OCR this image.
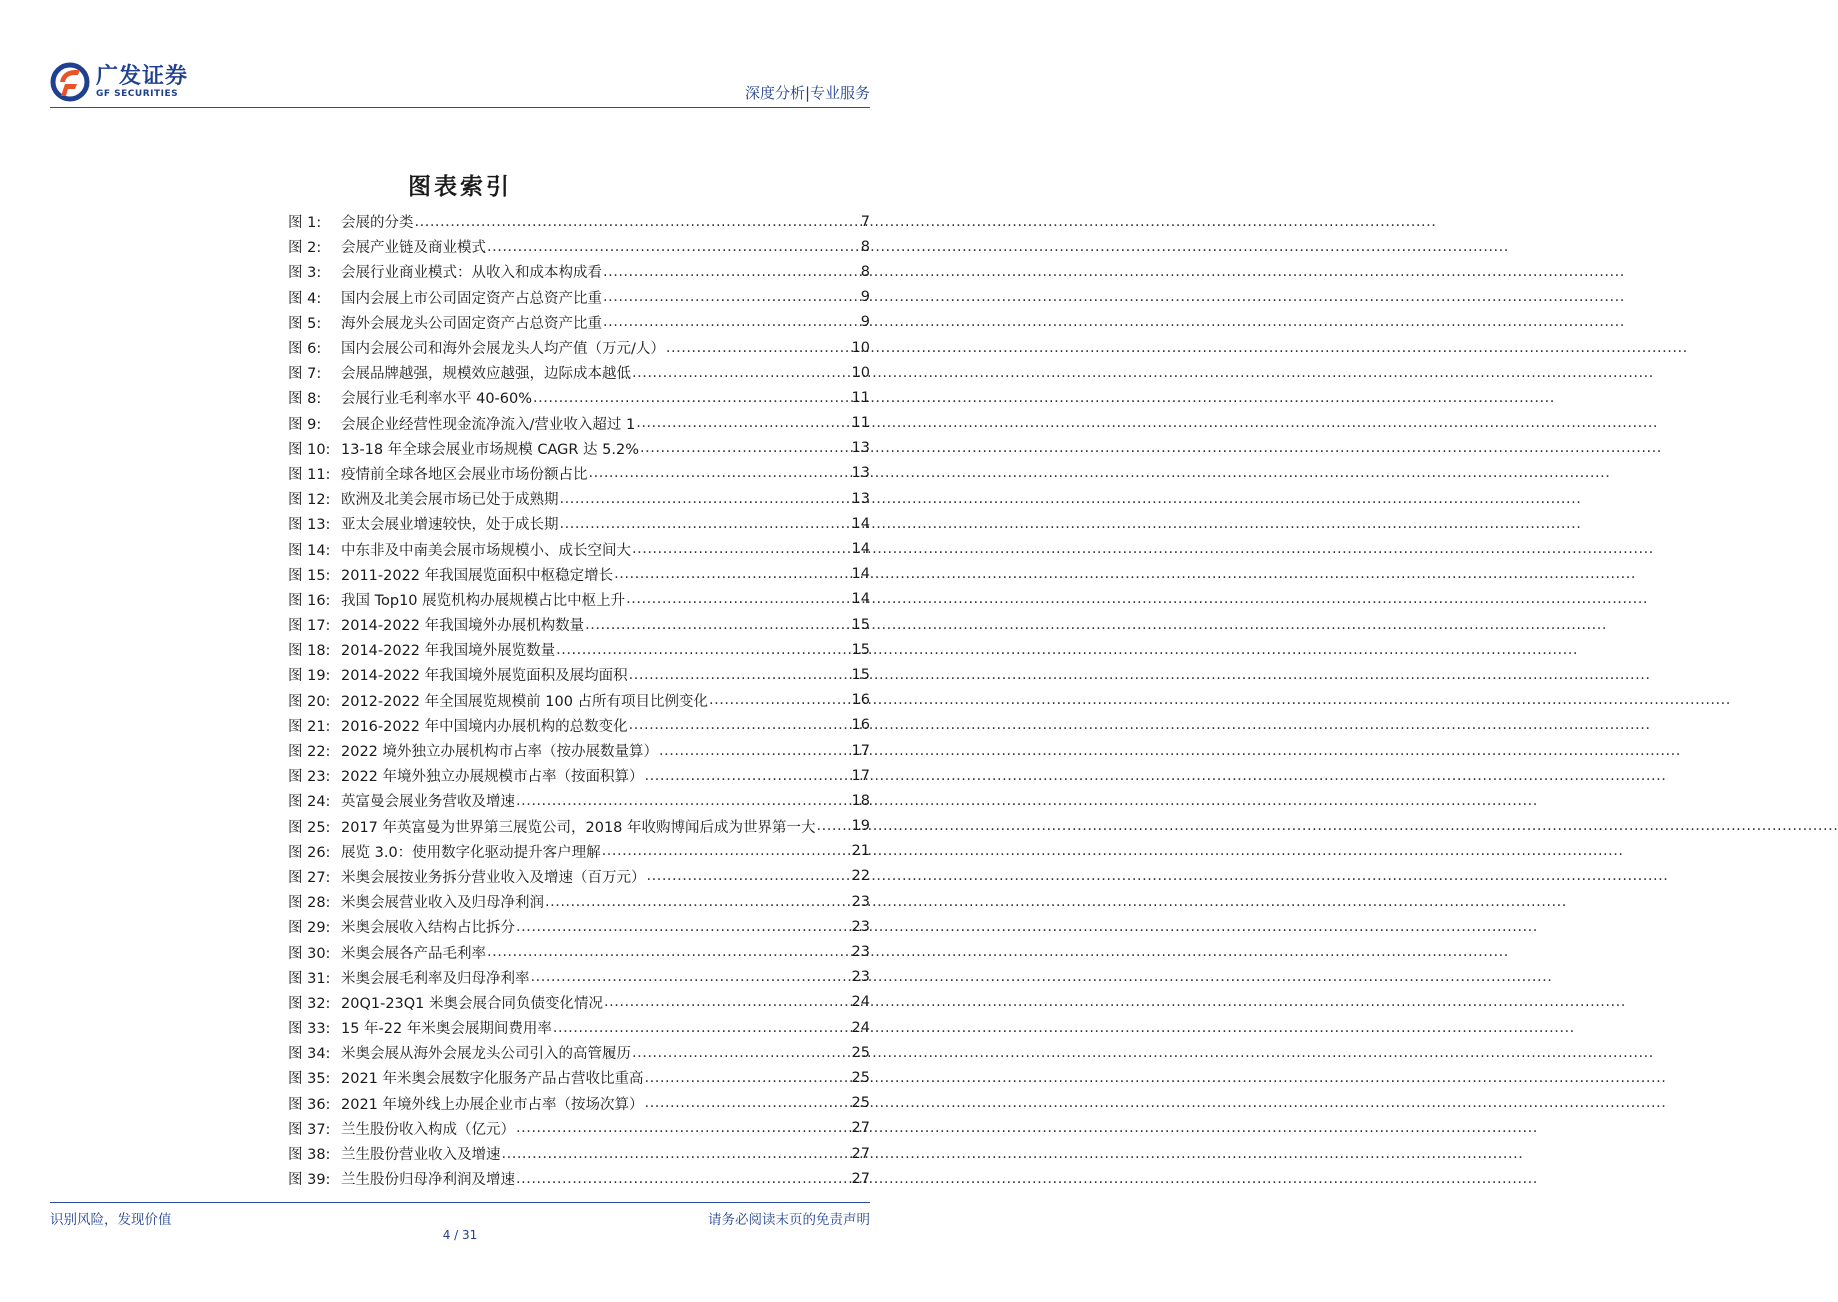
广发证券
GF SECURITIES	深度分析|专业服务
图表索引
图 1:	会展的分类 .....	7
图 2:	会展产业链及商业模式 .....	8
图 3:	会展行业商业模式：从收入和成本构成看 .....	8
图 4:	国内会展上市公司固定资产占总资产比重 .....	9
图 5:	海外会展龙头公司固定资产占总资产比重 .....	9
图 6:	国内会展公司和海外会展龙头人均产值（万元/人） .....	10
图 7:	会展品牌越强，规模效应越强，边际成本越低 .....	10
图 8:	会展行业毛利率水平 40-60% .....	11
图 9:	会展企业经营性现金流净流入/营业收入超过 1 .....	11
图 10: 13-18 年全球会展业市场规模 CAGR 达 5.2% .....	13
图 11: 疫情前全球各地区会展业市场份额占比 .....	13
图 12: 欧洲及北美会展市场已处于成熟期 .....	13
图 13: 亚太会展业增速较快，处于成长期 .....	14
图 14: 中东非及中南美会展市场规模小、成长空间大 .....	14
图 15: 2011-2022 年我国展览面积中枢稳定增长 .....	14
图 16: 我国 Top10 展览机构办展规模占比中枢上升 .....	14
图 17: 2014-2022 年我国境外办展机构数量 .....	15
图 18: 2014-2022 年我国境外展览数量 .....	15
图 19: 2014-2022 年我国境外展览面积及展均面积 .....	15
图 20: 2012-2022 年全国展览规模前 100 占所有项目比例变化 .....	16
图 21: 2016-2022 年中国境内办展机构的总数变化 .....	16
图 22: 2022 境外独立办展机构市占率（按办展数量算） .....	17
图 23: 2022 年境外独立办展规模市占率（按面积算） .....	17
图 24: 英富曼会展业务营收及增速 .....	18
图 25: 2017 年英富曼为世界第三展览公司，2018 年收购博闻后成为世界第一大 ..... 19
图 26: 展览 3.0：使用数字化驱动提升客户理解 .....	21
图 27: 米奥会展按业务拆分营业收入及增速（百万元） .....	22
图 28: 米奥会展营业收入及归母净利润 .....	23
图 29: 米奥会展收入结构占比拆分 .....	23
图 30: 米奥会展各产品毛利率 .....	23
图 31: 米奥会展毛利率及归母净利率 .....	23
图 32: 20Q1-23Q1 米奥会展合同负债变化情况 .....	24
图 33: 15 年-22 年米奥会展期间费用率 .....	24
图 34: 米奥会展从海外会展龙头公司引入的高管履历 .....	25
图 35: 2021 年米奥会展数字化服务产品占营收比重高 .....	25
图 36: 2021 年境外线上办展企业市占率（按场次算） .....	25
图 37: 兰生股份收入构成（亿元） .....	27
图 38: 兰生股份营业收入及增速 .....	27
图 39: 兰生股份归母净利润及增速 .....	27
识别风险，发现价值	请务必阅读末页的免责声明
4 / 31
